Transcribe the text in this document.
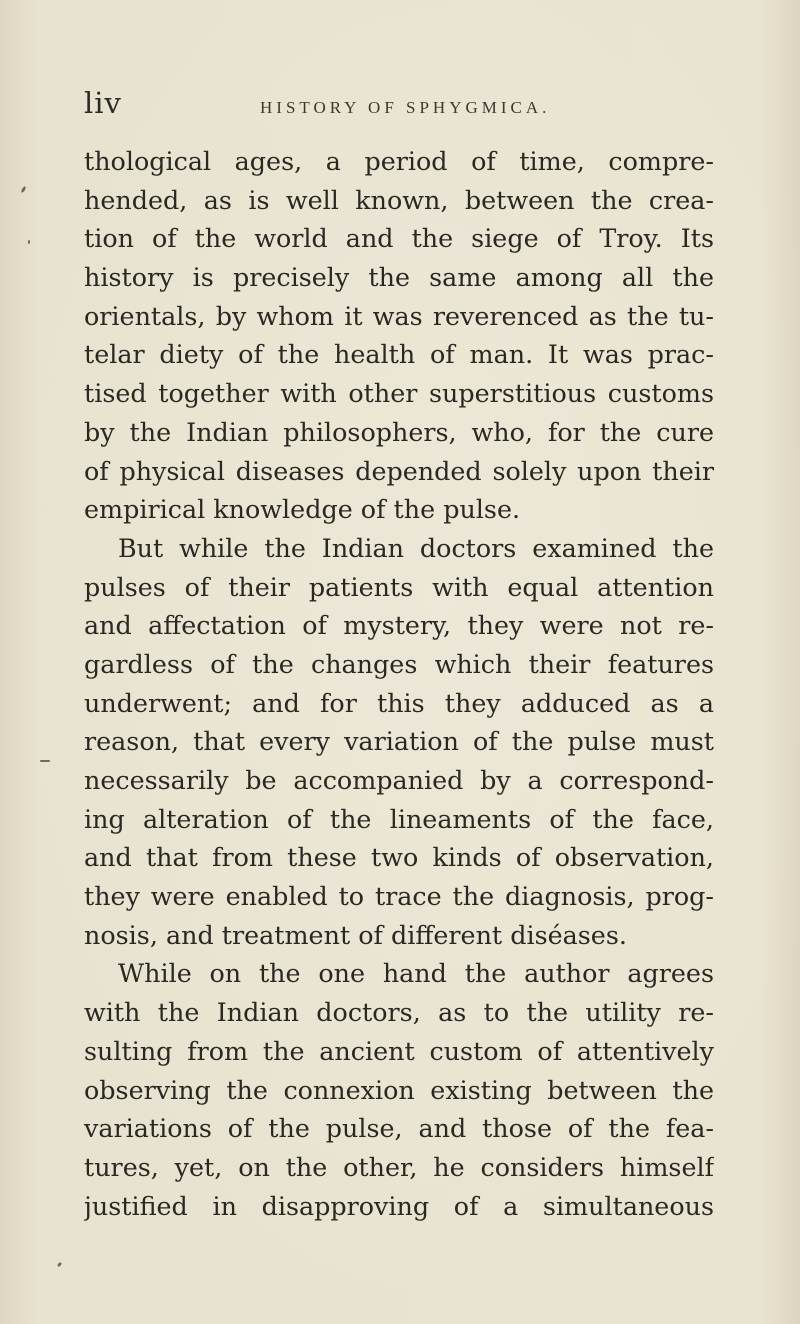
liv	HISTORY OF SPHYGMICA.
thological ages, a period of time, compre-
hended, as is well known, between the crea-
tion of the world and the siege of Troy. Its
history is precisely the same among all the
orientals, by whom it was reverenced as the tu-
telar diety of the health of man. It was prac-
tised together with other superstitious customs
by the Indian philosophers, who, for the cure
of physical diseases depended solely upon their
empirical knowledge of the pulse.
But while the Indian doctors examined the
pulses of their patients with equal attention
and affectation of mystery, they were not re-
gardless of the changes which their features
underwent; and for this they adduced as a
reason, that every variation of the pulse must
necessarily be accompanied by a correspond-
ing alteration of the lineaments of the face,
and that from these two kinds of observation,
they were enabled to trace the diagnosis, prog-
nosis, and treatment of different diséases.
While on the one hand the author agrees
with the Indian doctors, as to the utility re-
sulting from the ancient custom of attentively
observing the connexion existing between the
variations of the pulse, and those of the fea-
tures, yet, on the other, he considers himself
justified in disapproving of a simultaneous
